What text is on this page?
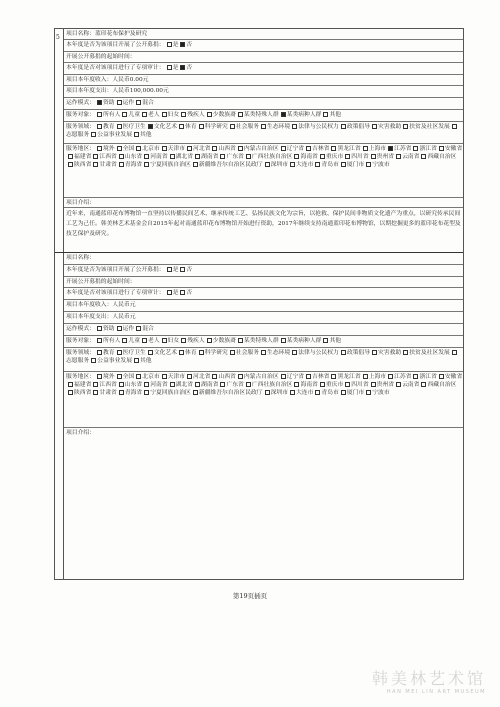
5	项目名称：蓝印花布保护及研究
本年度是否为该项目开展了公开募捐： 是 否
开展公开募捐的起始时间：
本年度是否对该项目进行了专项审计： 是 否
项目本年度收入：人民币0.00元
项目本年度支出：人民币100,000.00元
运作模式： 资助 运作 混合
服务对象： 所有人 儿童 老人 妇女 残疾人 少数族裔 某类特殊人群 某类病种人群 其他
服务领域： 教育 医疗卫生 文化艺术 体育 科学研究 社会服务 生态环境 法律与公民权力 政策倡导 灾害救助 扶贫及社区发展志愿服务 公益事业发展 其他
服务地区： 境外 全国 北京市 天津市 河北省 山西省 内蒙古自治区 辽宁省 吉林省 黑龙江省 上海市 江苏省 浙江省 安徽省福建省 江西省 山东省 河南省 湖北省 湖南省 广东省 广西壮族自治区 海南省 重庆市 四川省 贵州省 云南省 西藏自治区陕西省 甘肃省 青海省 宁夏回族自治区 新疆维吾尔自治区民政厅 深圳市 大连市 青岛市 厦门市 宁波市
项目介绍：
近年来，南通蓝印花布博物馆一直坚持以传播民间艺术、继承传统工艺、弘扬民族文化为宗旨，以抢救、保护民间非物质文化遗产为重点，以研究传承民间工艺为己任。韩美林艺术基金会自2015年起对南通蓝印花布博物馆开始进行资助，2017年继续支持南通蓝印花布博物馆，以期挖掘更多的蓝印花布花型及技艺保护及研究。
项目名称：
本年度是否为该项目开展了公开募捐： 是 否
开展公开募捐的起始时间：
本年度是否对该项目进行了专项审计： 是 否
项目本年度收入：人民币元
项目本年度支出：人民币元
运作模式： 资助 运作 混合
服务对象： 所有人 儿童 老人 妇女 残疾人 少数族裔 某类特殊人群 某类病种人群 其他
服务领域： 教育 医疗卫生 文化艺术 体育 科学研究 社会服务 生态环境 法律与公民权力 政策倡导 灾害救助 扶贫及社区发展志愿服务 公益事业发展 其他
服务地区： 境外 全国 北京市 天津市 河北省 山西省 内蒙古自治区 辽宁省 吉林省 黑龙江省 上海市 江苏省 浙江省 安徽省福建省 江西省 山东省 河南省 湖北省 湖南省 广东省 广西壮族自治区 海南省 重庆市 四川省 贵州省 云南省 西藏自治区陕西省 甘肃省 青海省 宁夏回族自治区 新疆维吾尔自治区民政厅 深圳市 大连市 青岛市 厦门市 宁波市
项目介绍：
第19页插页
韩美林艺术馆
HAN MEI LIN ART MUSEUM
